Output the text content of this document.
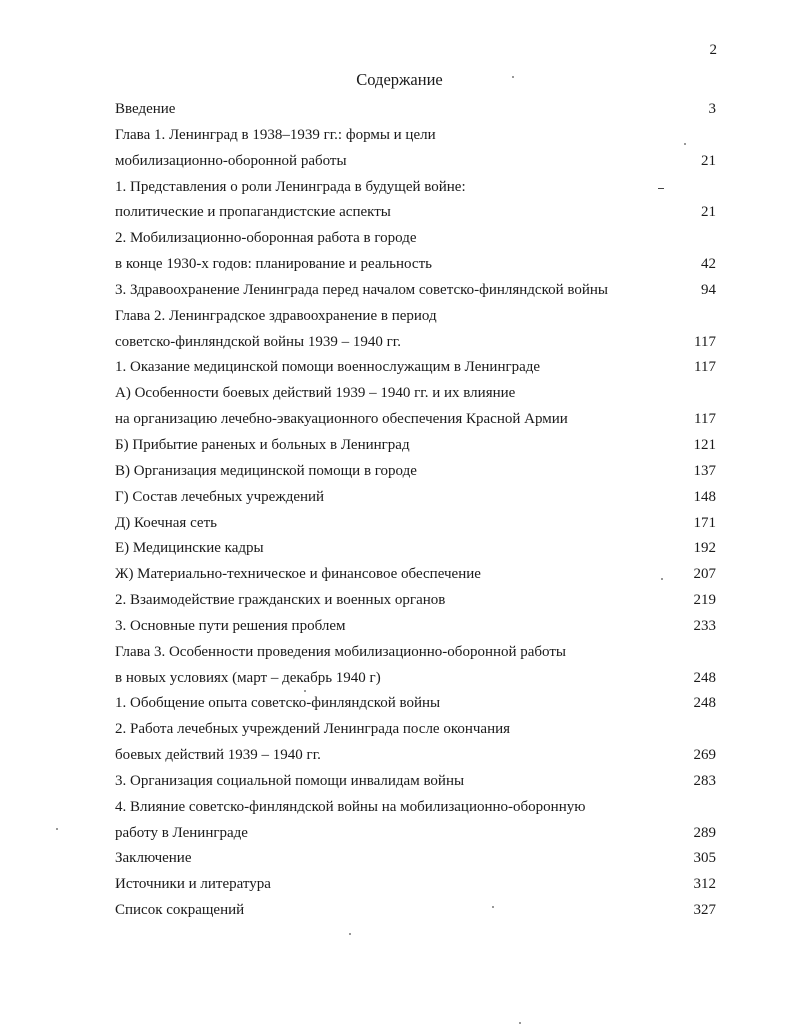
2
Содержание
Введение	3
Глава 1. Ленинград в 1938–1939 гг.: формы и цели
мобилизационно-оборонной работы	21
1. Представления о роли Ленинграда в будущей войне:
политические и пропагандистские аспекты	21
2. Мобилизационно-оборонная работа в городе
в конце 1930-х годов: планирование и реальность	42
3. Здравоохранение Ленинграда перед началом советско-финляндской войны	94
Глава 2. Ленинградское здравоохранение в период
советско-финляндской войны 1939 – 1940 гг.	117
1. Оказание медицинской помощи военнослужащим в Ленинграде	117
А) Особенности боевых действий 1939 – 1940 гг. и их влияние
на организацию лечебно-эвакуационного обеспечения Красной Армии	117
Б) Прибытие раненых и больных в Ленинград	121
В) Организация медицинской помощи в городе	137
Г) Состав лечебных учреждений	148
Д) Коечная сеть	171
Е) Медицинские кадры	192
Ж) Материально-техническое и финансовое обеспечение	207
2. Взаимодействие гражданских и военных органов	219
3. Основные пути решения проблем	233
Глава 3. Особенности проведения мобилизационно-оборонной работы
в новых условиях (март – декабрь 1940 г)	248
1. Обобщение опыта советско-финляндской войны	248
2. Работа лечебных учреждений Ленинграда после окончания
боевых действий 1939 – 1940 гг.	269
3. Организация социальной помощи инвалидам войны	283
4. Влияние советско-финляндской войны на мобилизационно-оборонную
работу в Ленинграде	289
Заключение	305
Источники и литература	312
Список сокращений	327
